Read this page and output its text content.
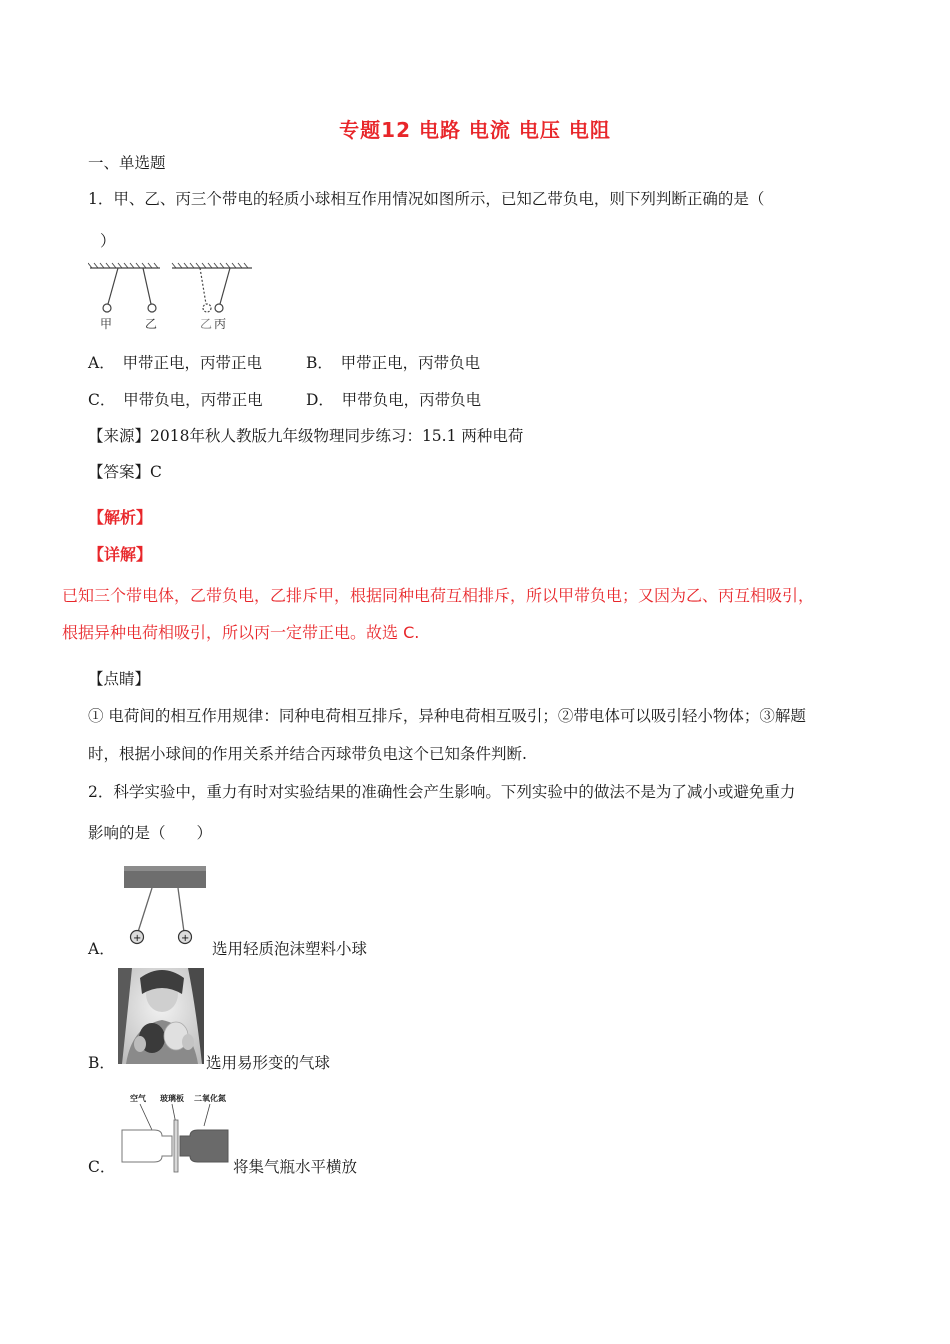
专题12 电路 电流 电压 电阻
一、单选题
1．甲、乙、丙三个带电的轻质小球相互作用情况如图所示，已知乙带负电，则下列判断正确的是（
）
甲	乙	乙 丙
A．　甲带正电，丙带正电	B．　甲带正电，丙带负电
C．　甲带负电，丙带正电	D．　甲带负电，丙带负电
【来源】2018年秋人教版九年级物理同步练习：15.1 两种电荷
【答案】C
【解析】
【详解】
已知三个带电体，乙带负电，乙排斥甲，根据同种电荷互相排斥，所以甲带负电；又因为乙、丙互相吸引，
根据异种电荷相吸引，所以丙一定带正电。故选 C.
【点睛】
① 电荷间的相互作用规律：同种电荷相互排斥，异种电荷相互吸引；②带电体可以吸引轻小物体；③解题
时，根据小球间的作用关系并结合丙球带负电这个已知条件判断.
2．科学实验中，重力有时对实验结果的准确性会产生影响。下列实验中的做法不是为了减小或避免重力
影响的是（　　）
+	+
A．	选用轻质泡沫塑料小球
B．	选用易形变的气球
空气 玻璃板 二氧化氮
C．	将集气瓶水平横放
